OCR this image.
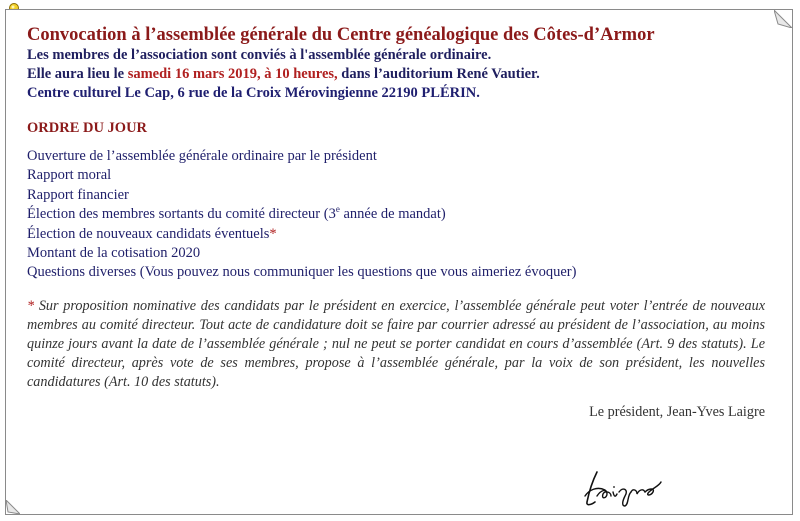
Convocation à l’assemblée générale du Centre généalogique des Côtes-d’Armor
Les membres de l’association sont conviés à l'assemblée générale ordinaire.
Elle aura lieu le samedi 16 mars 2019, à 10 heures, dans l’auditorium René Vautier.
Centre culturel Le Cap, 6 rue de la Croix Mérovingienne 22190 PLÉRIN.
ORDRE DU JOUR
Ouverture de l’assemblée générale ordinaire par le président
Rapport moral
Rapport financier
Élection des membres sortants du comité directeur (3e année de mandat)
Élection de nouveaux candidats éventuels*
Montant de la cotisation 2020
Questions diverses (Vous pouvez nous communiquer les questions que vous aimeriez évoquer)
* Sur proposition nominative des candidats par le président en exercice, l’assemblée générale peut voter l’entrée de nouveaux membres au comité directeur. Tout acte de candidature doit se faire par courrier adressé au président de l’association, au moins quinze jours avant la date de l’assemblée générale ; nul ne peut se porter candidat en cours d’assemblée (Art. 9 des statuts). Le comité directeur, après vote de ses membres, propose à l’assemblée générale, par la voix de son président, les nouvelles candidatures (Art. 10 des statuts).
Le président, Jean-Yves Laigre
